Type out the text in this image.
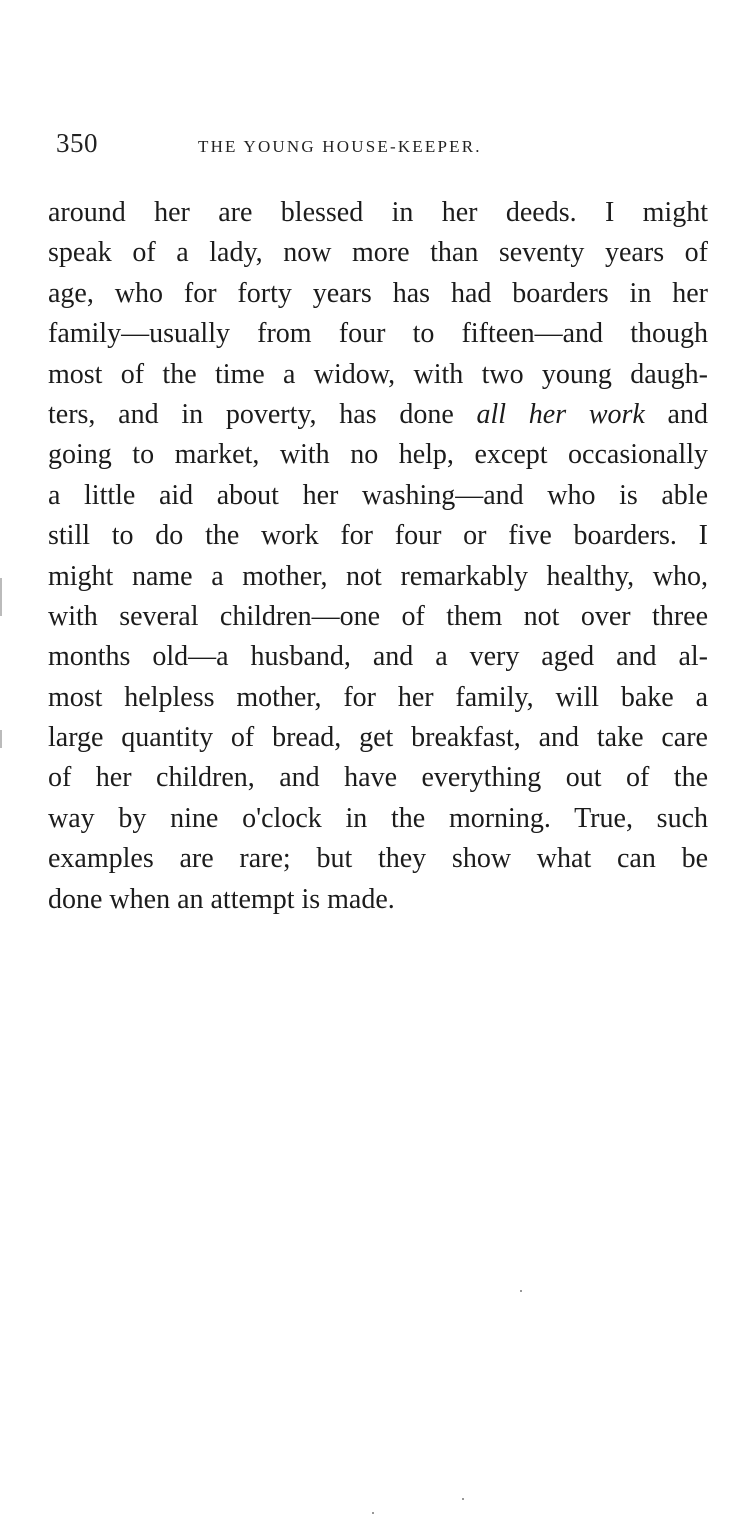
350	THE YOUNG HOUSE-KEEPER.
around her are blessed in her deeds. I might
speak of a lady, now more than seventy years of
age, who for forty years has had boarders in her
family—usually from four to fifteen—and though
most of the time a widow, with two young daugh-
ters, and in poverty, has done all her work and
going to market, with no help, except occasionally
a little aid about her washing—and who is able
still to do the work for four or five boarders. I
might name a mother, not remarkably healthy, who,
with several children—one of them not over three
months old—a husband, and a very aged and al-
most helpless mother, for her family, will bake a
large quantity of bread, get breakfast, and take care
of her children, and have everything out of the
way by nine o'clock in the morning. True, such
examples are rare; but they show what can be
done when an attempt is made.
